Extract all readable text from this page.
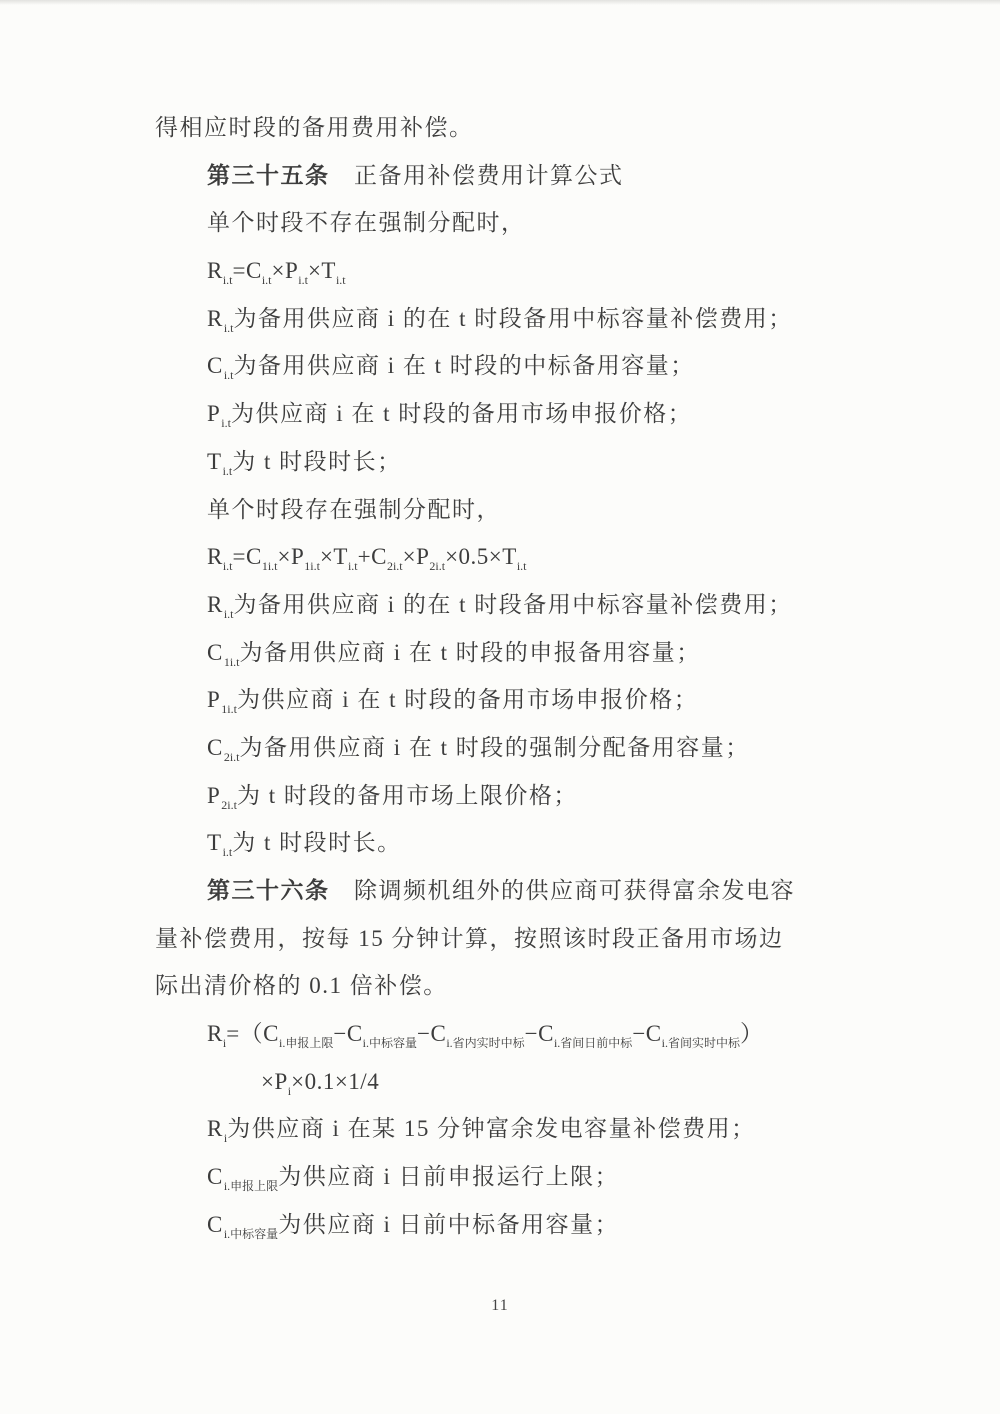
得相应时段的备用费用补偿。
第三十五条　正备用补偿费用计算公式
单个时段不存在强制分配时，
$R_{i.t}=C_{i.t}\times P_{i.t}\times T_{i.t}$
$R_{i.t}$为备用供应商 i 的在 t 时段备用中标容量补偿费用；
$C_{i.t}$为备用供应商 i 在 t 时段的中标备用容量；
$P_{i.t}$为供应商 i 在 t 时段的备用市场申报价格；
$T_{i.t}$为 t 时段时长；
单个时段存在强制分配时，
$R_{i.t}=C_{1i.t}\times P_{1i.t}\times T_{i.t}+C_{2i.t}\times P_{2i.t}\times 0.5\times T_{i.t}$
$R_{i.t}$为备用供应商 i 的在 t 时段备用中标容量补偿费用；
$C_{1i.t}$为备用供应商 i 在 t 时段的申报备用容量；
$P_{1i.t}$为供应商 i 在 t 时段的备用市场申报价格；
$C_{2i.t}$为备用供应商 i 在 t 时段的强制分配备用容量；
$P_{2i.t}$为 t 时段的备用市场上限价格；
$T_{i.t}$为 t 时段时长。
第三十六条　除调频机组外的供应商可获得富余发电容
量补偿费用，按每 15 分钟计算，按照该时段正备用市场边
际出清价格的 0.1 倍补偿。
$R_i=(C_{i.申报上限}-C_{i.中标容量}-C_{i.省内实时中标}-C_{i.省间日前中标}-C_{i.省间实时中标})$
$\times P_i\times 0.1\times 1/4$
$R_i$为供应商 i 在某 15 分钟富余发电容量补偿费用；
$C_{i.申报上限}$为供应商 i 日前申报运行上限；
$C_{i.中标容量}$为供应商 i 日前中标备用容量；
11
